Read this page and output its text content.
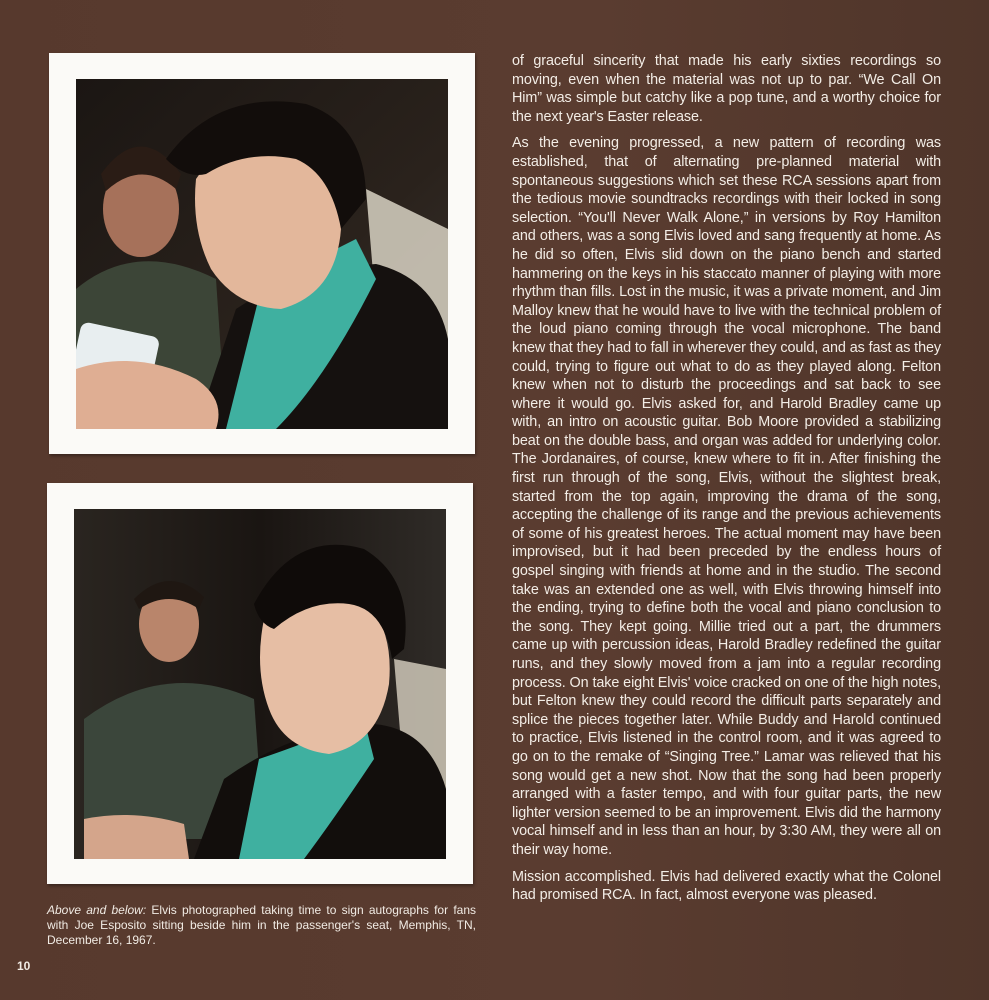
Above and below: Elvis photographed taking time to sign autographs for fans with Joe Esposito sitting beside him in the passenger's seat, Memphis, TN, December 16, 1967.
10

of graceful sincerity that made his early sixties recordings so moving, even when the material was not up to par. “We Call On Him” was simple but catchy like a pop tune, and a worthy choice for the next year's Easter release.

As the evening progressed, a new pattern of recording was established, that of alternating pre-planned material with spontaneous suggestions which set these RCA sessions apart from the tedious movie soundtracks recordings with their locked in song selection. “You'll Never Walk Alone,” in versions by Roy Hamilton and others, was a song Elvis loved and sang frequently at home. As he did so often, Elvis slid down on the piano bench and started hammering on the keys in his staccato manner of playing with more rhythm than fills. Lost in the music, it was a private moment, and Jim Malloy knew that he would have to live with the technical problem of the loud piano coming through the vocal microphone. The band knew that they had to fall in wherever they could, and as fast as they could, trying to figure out what to do as they played along. Felton knew when not to disturb the proceedings and sat back to see where it would go. Elvis asked for, and Harold Bradley came up with, an intro on acoustic guitar. Bob Moore provided a stabilizing beat on the double bass, and organ was added for underlying color. The Jordanaires, of course, knew where to fit in. After finishing the first run through of the song, Elvis, without the slightest break, started from the top again, improving the drama of the song, accepting the challenge of its range and the previous achievements of some of his greatest heroes. The actual moment may have been improvised, but it had been preceded by the endless hours of gospel singing with friends at home and in the studio. The second take was an extended one as well, with Elvis throwing himself into the ending, trying to define both the vocal and piano conclusion to the song. They kept going. Millie tried out a part, the drummers came up with percussion ideas, Harold Bradley redefined the guitar runs, and they slowly moved from a jam into a regular recording process. On take eight Elvis' voice cracked on one of the high notes, but Felton knew they could record the difficult parts separately and splice the pieces together later. While Buddy and Harold continued to practice, Elvis listened in the control room, and it was agreed to go on to the remake of “Singing Tree.” Lamar was relieved that his song would get a new shot. Now that the song had been properly arranged with a faster tempo, and with four guitar parts, the new lighter version seemed to be an improvement. Elvis did the harmony vocal himself and in less than an hour, by 3:30 AM, they were all on their way home.

Mission accomplished. Elvis had delivered exactly what the Colonel had promised RCA. In fact, almost everyone was pleased.
